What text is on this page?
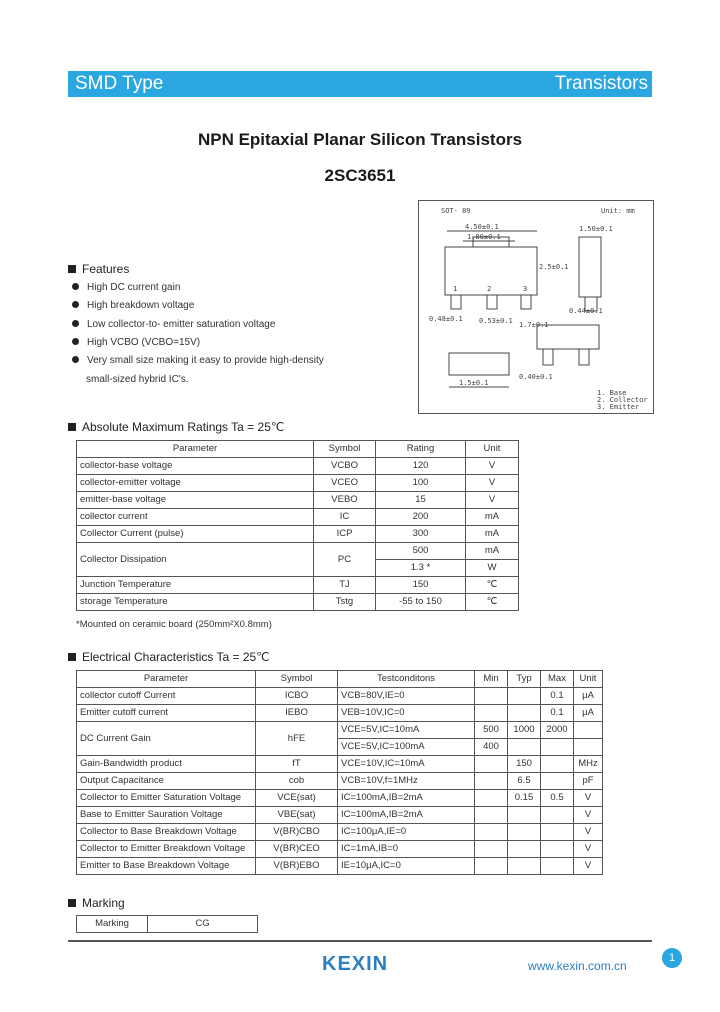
SMD Type	Transistors
NPN Epitaxial Planar Silicon Transistors
2SC3651
Features
High DC current gain
High breakdown voltage
Low collector-to- emitter saturation voltage
High VCBO (VCBO=15V)
Very small size making it easy to provide high-density
small-sized hybrid IC's.
SOT- 89	Unit: mm
4.50±0.1
1.80±0.1
1.50±0.1
2.5±0.1
0.44±0.1
0.48±0.1 0.53±0.1
1.5±0.1
1.7±0.1
0.40±0.1
1	2	3
1. Base
2. Collector
3. Emitter
Absolute Maximum Ratings Ta = 25℃
Parameter	Symbol	Rating	Unit
collector-base voltage	VCBO	120	V
collector-emitter voltage	VCEO	100	V
emitter-base voltage	VEBO	15	V
collector current	IC	200	mA
Collector Current (pulse)	ICP	300	mA
Collector Dissipation	PC	500	mA
		1.3 *	W
Junction Temperature	TJ	150	℃
storage Temperature	Tstg	-55 to 150	℃
*Mounted on ceramic board (250mm²X0.8mm)
Electrical Characteristics Ta = 25℃
Parameter	Symbol	Testconditons	Min	Typ	Max	Unit
collector cutoff Current	ICBO	VCB=80V,IE=0			0.1	μA
Emitter cutoff current	IEBO	VEB=10V,IC=0			0.1	μA
DC Current Gain	hFE	VCE=5V,IC=10mA	500	1000	2000	
		VCE=5V,IC=100mA	400			
Gain-Bandwidth product	fT	VCE=10V,IC=10mA		150		MHz
Output Capacitance	cob	VCB=10V,f=1MHz		6.5		pF
Collector to Emitter Saturation Voltage	VCE(sat)	IC=100mA,IB=2mA		0.15	0.5	V
Base to Emitter Sauration Voltage	VBE(sat)	IC=100mA,IB=2mA				V
Collector to Base Breakdown Voltage	V(BR)CBO	IC=100μA,IE=0				V
Collector to Emitter Breakdown Voltage	V(BR)CEO	IC=1mA,IB=0				V
Emitter to Base Breakdown Voltage	V(BR)EBO	IE=10μA,IC=0				V
Marking
Marking	CG
KEXIN	www.kexin.com.cn
1
